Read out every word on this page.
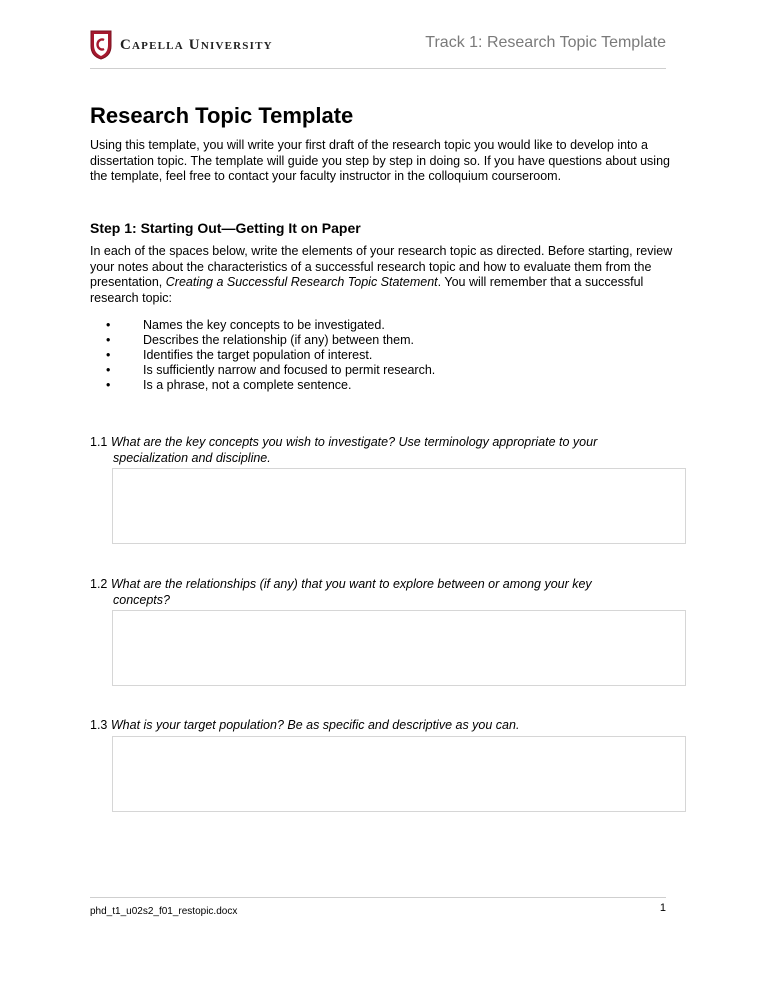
Capella University	Track 1: Research Topic Template
Research Topic Template

Using this template, you will write your first draft of the research topic you would like to develop into a dissertation topic. The template will guide you step by step in doing so. If you have questions about using the template, feel free to contact your faculty instructor in the colloquium courseroom.

Step 1: Starting Out—Getting It on Paper

In each of the spaces below, write the elements of your research topic as directed. Before starting, review your notes about the characteristics of a successful research topic and how to evaluate them from the presentation, Creating a Successful Research Topic Statement. You will remember that a successful research topic:

•	Names the key concepts to be investigated.
•	Describes the relationship (if any) between them.
•	Identifies the target population of interest.
•	Is sufficiently narrow and focused to permit research.
•	Is a phrase, not a complete sentence.
1.1 What are the key concepts you wish to investigate? Use terminology appropriate to your
specialization and discipline.
1.2 What are the relationships (if any) that you want to explore between or among your key
concepts?
1.3 What is your target population? Be as specific and descriptive as you can.
phd_t1_u02s2_f01_restopic.docx	1
